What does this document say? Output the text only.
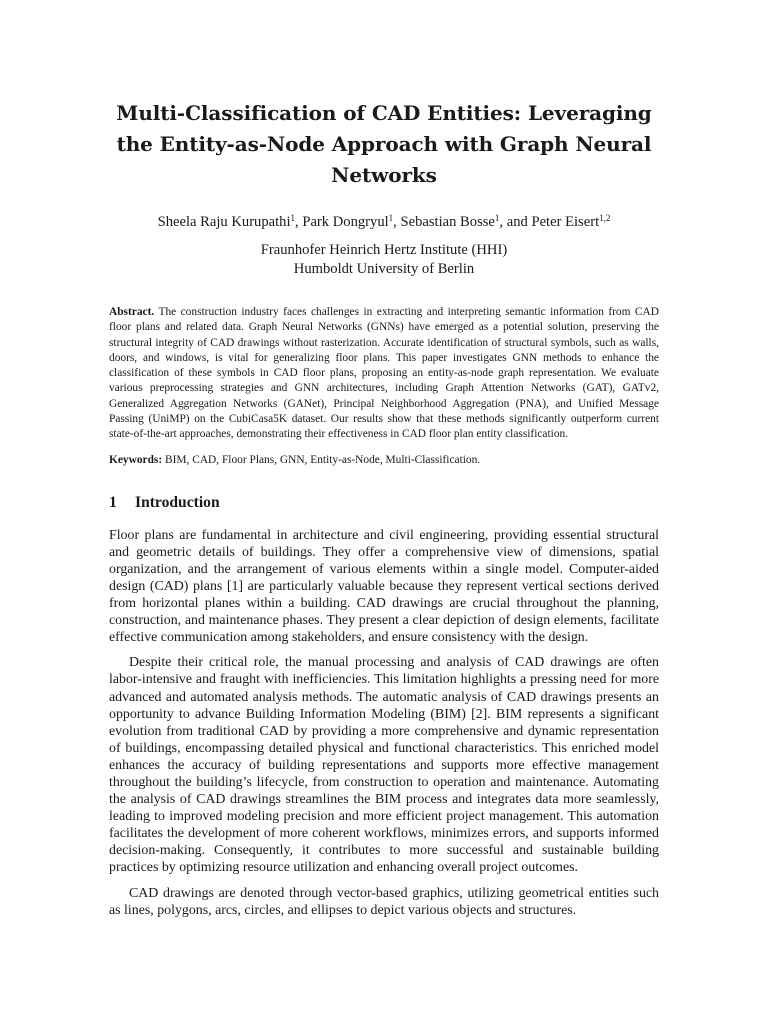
Multi-Classification of CAD Entities: Leveraging the Entity-as-Node Approach with Graph Neural Networks
Sheela Raju Kurupathi$^1$, Park Dongryul$^1$, Sebastian Bosse$^1$, and Peter Eisert$^{1,2}$
Fraunhofer Heinrich Hertz Institute (HHI)
Humboldt University of Berlin
Abstract. The construction industry faces challenges in extracting and interpreting semantic information from CAD floor plans and related data. Graph Neural Networks (GNNs) have emerged as a potential solution, preserving the structural integrity of CAD drawings without rasterization. Accurate identification of structural symbols, such as walls, doors, and windows, is vital for generalizing floor plans. This paper investigates GNN methods to enhance the classification of these symbols in CAD floor plans, proposing an entity-as-node graph representation. We evaluate various preprocessing strategies and GNN architectures, including Graph Attention Networks (GAT), GATv2, Generalized Aggregation Networks (GANet), Principal Neighborhood Aggregation (PNA), and Unified Message Passing (UniMP) on the CubiCasa5K dataset. Our results show that these methods significantly outperform current state-of-the-art approaches, demonstrating their effectiveness in CAD floor plan entity classification.
Keywords: BIM, CAD, Floor Plans, GNN, Entity-as-Node, Multi-Classification.
1 Introduction

Floor plans are fundamental in architecture and civil engineering, providing essential structural and geometric details of buildings. They offer a comprehensive view of dimensions, spatial organization, and the arrangement of various elements within a single model. Computer-aided design (CAD) plans [1] are particularly valuable because they represent vertical sections derived from horizontal planes within a building. CAD drawings are crucial throughout the planning, construction, and maintenance phases. They present a clear depiction of design elements, facilitate effective communication among stakeholders, and ensure consistency with the design.

Despite their critical role, the manual processing and analysis of CAD drawings are often labor-intensive and fraught with inefficiencies. This limitation highlights a pressing need for more advanced and automated analysis methods. The automatic analysis of CAD drawings presents an opportunity to advance Building Information Modeling (BIM) [2]. BIM represents a significant evolution from traditional CAD by providing a more comprehensive and dynamic representation of buildings, encompassing detailed physical and functional characteristics. This enriched model enhances the accuracy of building representations and supports more effective management throughout the building’s lifecycle, from construction to operation and maintenance. Automating the analysis of CAD drawings streamlines the BIM process and integrates data more seamlessly, leading to improved modeling precision and more efficient project management. This automation facilitates the development of more coherent workflows, minimizes errors, and supports informed decision-making. Consequently, it contributes to more successful and sustainable building practices by optimizing resource utilization and enhancing overall project outcomes.

CAD drawings are denoted through vector-based graphics, utilizing geometrical entities such as lines, polygons, arcs, circles, and ellipses to depict various objects and structures.
